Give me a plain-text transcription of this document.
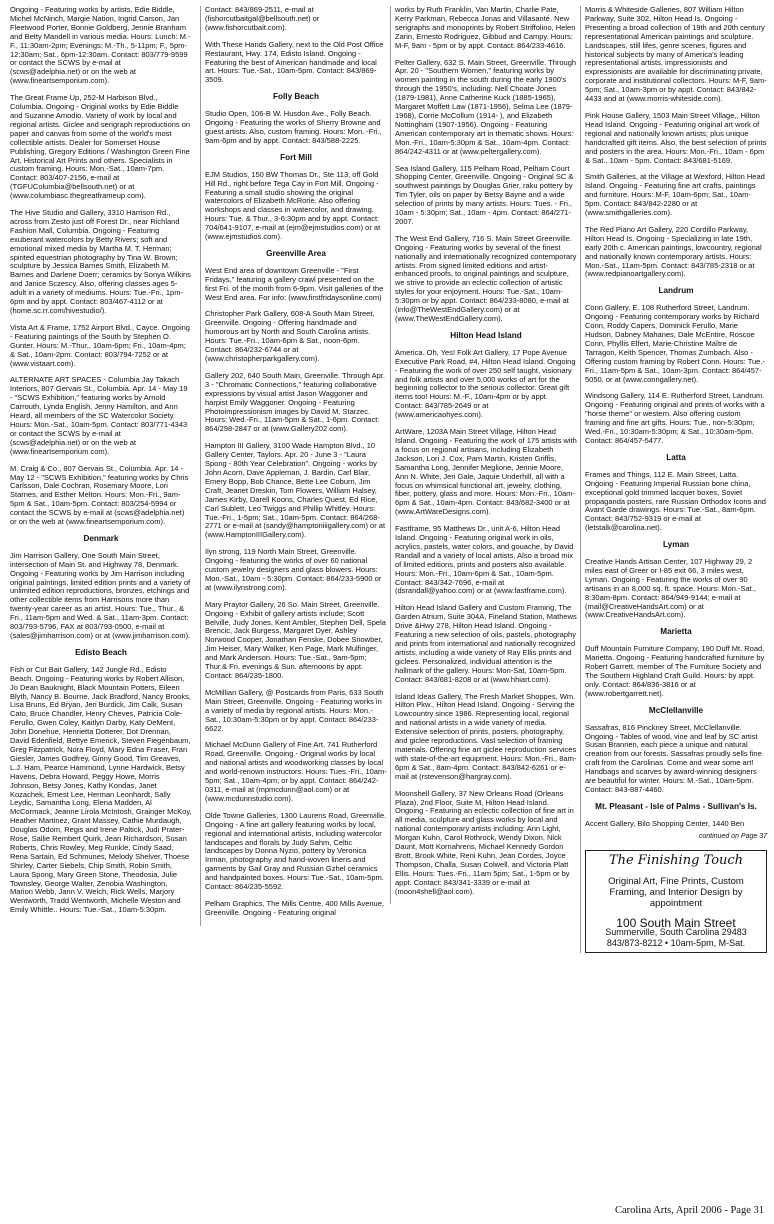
Ongoing - Featuring works by artists, Edie Biddle, Michel McNinch, Margie Nation, Ingrid Carson, Jan Fleetwood Porter, Bonnie Goldberg, Jennie Branham and Betty Mandell in various media. Hours: Lunch: M.-F., 11:30am-2pm; Evenings: M.-Th., 5-11pm; F., 5pm-12:30am; Sat., 6pm-12:30am. Contact: 803/779-9599 or contact the SCWS by e-mail at (scws@adelphia.net) or on the web at (www.fineartsemporium.com).
The Great Frame Up, 252-M Harbison Blvd., Columbia. Ongoing - Original works by Edie Biddle and Suzanne Amodio. Variety of work by local and regional artists. Giclee and serigraph reproductions on paper and canvas from some of the world's most collectible artists. Dealer for Somerset House Publishing, Gregory Editions / Washington Green Fine Art, Historical Art Prints and others. Specialists in custom framing. Hours: Mon.-Sat., 10am-7pm. Contact: 803/407-2156, e-mail at (TGFUColumbia@bellsouth.net) or at (www.columbiasc.thegreatframeup.com).
The Hive Studio and Gallery, 3310 Harrison Rd., across from Zesto just off Forest Dr., near Richland Fashion Mall, Columbia. Ongoing - Featuring exuberant watercolors by Betty Rivers; soft and emotional mixed media by Martha M. T. Herman; spirited equestrian photography by Tina W. Brown; sculpture by Jessica Barnes Smith, Elizabeth M. Barnes and Darlene Doerr; ceramics by Sonya Wilkins and Janice Sczescy. Also, offering classes ages 5-adult in a variety of mediums. Hours: Tue.-Fri., 1pm-6pm and by appt. Contact: 803/467-4112 or at (home.sc.rr.com/hivestudio/).
Vista Art & Frame, 1752 Airport Blvd., Cayce. Ongoing - Featuring paintings of the South by Stephen O. Gunter. Hours: M.-Thur., 10am-6pm; Fri., 10am-4pm; & Sat., 10am-2pm. Contact: 803/794-7252 or at (www.vistaart.com).
ALTERNATE ART SPACES - Columbia Jay Takach Interiors, 807 Gervais St., Columbia. Apr. 14 - May 19 - "SCWS Exhibition," featuring works by Arnold Carrouth, Lynda English, Jenny Hamilton, and Ann Heard, all members of the SC Watercolor Society. Hours: Mon.-Sat., 10am-5pm. Contact: 803/771-4343 or contact the SCWS by e-mail at (scws@adelphia.net) or on the web at (www.fineartsemporium.com).
M. Craig & Co., 807 Gervais St., Columbia. Apr. 14 - May 12 - "SCWS Exhibition," featuring works by Chris Carlsson, Dale Cochran, Rosemary Moore, Lori Starnes, and Esther Melton. Hours: Mon.-Fri., 9am-5pm & Sat., 10am-5pm. Contact: 803/254-5994 or contact the SCWS by e-mail at (scws@adelphia.net) or on the web at (www.fineartsemporium.com).
Denmark
Jim Harrison Gallery, One South Main Street, intersection of Main St. and Highway 78, Denmark. Ongoing - Featuring works by Jim Harrison including original paintings, limited edition prints and a variety of unlimited edition reproductions, bronzes, etchings and other collectible items from Harrisons more than twenty-year career as an artist. Hours: Tue., Thur., & Fri., 11am-5pm and Wed. & Sat., 11am-3pm. Contact: 803/793-5796, FAX at 803/793-0500, e-mail at (sales@jimharrison.com) or at (www.jimharrison.com).
Edisto Beach
Fish or Cut Bait Gallery, 142 Jungle Rd., Edisto Beach. Ongoing - Featuring works by Robert Allison, Jo Dean Bauknight, Black Mountain Potters, Eileen Blyth, Nancy B. Bourne, Jack Bradford, Nancy Brooks, Lisa Bruns, Ed Bryan, Jeri Burdick, Jim Calk, Susan Cato, Bruce Chandler, Henry Cheves, Patricia Cole-Ferullo, Gwen Coley, Kaitlyn Darby, Katy DeMent, John Donehue, Henrietta Dotterer, Dot Drennan, David Edenfield, Bettye Emerick, Steven Fiegenbaum, Greg Fitzpatrick, Nora Floyd, Mary Edna Fraser, Fran Giesler, James Godfrey, Ginny Good, Tim Greaves, L.J. Ham, Pearce Hammond, Lynne Hardwick, Betsy Havens, Debra Howard, Peggy Howe, Morris Johnson, Betsy Jones, Kathy Kondas, Janet Kozachek, Ernest Lee, Herman Leonhardt, Sally Leydic, Samantha Long, Elena Madden, Al McCormack, Jeanne Lirola McIntosh, Grainger McKoy, Heather Martinez, Grant Massey, Cathie Murdaugh, Douglas Odom, Regis and Irene Paltick, Judi Prater-Rose, Sallie Rembert Quirk, Jean Richardson, Susan Roberts, Chris Rowley, Meg Runkle, Cindy Saad, Rena Sartain, Ed Schmunes, Melody Shelver, Thoese Shirley, Carter Siebels, Chip Smith, Robin Smith, Laura Spong, Mary Green Stone, Theodosia, Julie Townsley, George Walter, Zenobia Washington, Marion Webb, Jann V. Welch, Rick Wells, Marjory Wentworth, Tradd Wentworth, Michelle Weston and Emily Whittle.. Hours: Tue.-Sat., 10am-5:30pm.
Contact: 843/869-2511, e-mail at (fishorcutbaitgal@bellsouth.net) or (www.fishorcutbait.com).
With These Hands Gallery, next to the Old Post Office Restaurant, Hwy. 174, Edisto Island. Ongoing - Featuring the best of American handmade and local art. Hours: Tue.-Sat., 10am-5pm. Contact: 843/869-3509.
Folly Beach
Studio Open, 106-B W. Husdon Ave., Folly Beach. Ongoing - Featuring the works of Sherry Browne and guest artists. Also, custom framing. Hours: Mon. -Fri., 9am-6pm and by appt. Contact: 843/588-2225.
Fort Mill
EJM Studios, 150 BW Thomas Dr., Ste 113, off Gold Hill Rd., right before Tega Cay in Fort Mill. Ongoing - Featuring a small studio showing the original watercolors of Elizabeth McRorie. Also offering workshops and classes in watercolor, and drawing. Hours: Tue. & Thur., 3-6:30pm and by appt. Contact: 704/641-9107, e-mail at (ejm@ejmstudios.com) or at (www.ejmstudios.com).
Greenville Area
West End area of downtown Greenville - "First Fridays," featuring a gallery crawl presented on the first Fri. of the month from 6-9pm. Visit galleries of the West End area. For info: (www.firstfridaysonline.com)
Christopher Park Gallery, 608-A South Main Street, Greenville. Ongoing - Offering handmade and humorous art by North and South Carolina artists. Hours: Tue.-Fri., 10am-6pm & Sat., noon-6pm. Contact: 864/232-6744 or at (www.christopherparkgallery.com).
Gallery 202, 640 South Main, Greenville. Through Apr. 3 - "Chromatic Connections," featuring collaborative expressions by visual artist Jason Waggoner and harpist Emily Waggoner. Ongoing - Featuring Photoimpressionism images by David M. Starzec. Hours: Wed.-Fri., 11am-5pm & Sat., 1-6pm. Contact: 864/298-2847 or at (www.Gallery202.com).
Hampton III Gallery, 3100 Wade Hampton Blvd., 10 Gallery Center, Taylors. Apr. 20 - June 3 - "Laura Spong - 80th Year Celebration". Ongoing - works by John Acorn, Dave Appleman, J. Bardin, Carl Blair, Emery Bopp, Bob Chance, Bette Lee Coburn, Jim Craft, Jeanet Dreskin, Tom Flowers, William Halsey, James Kirby, Darell Koons, Charles Quest, Ed Rice, Carl Sublett, Leo Twiggs and Phillip Whitley. Hours: Tue.-Fri., 1-5pm; Sat., 10am-5pm. Contact: 864/268-2771 or e-mail at (sandy@hamptoniiigallery.com) or at (www.HamptonIIIGallery.com).
Ilyn strong, 119 North Main Street, Greenville. Ongoing - featuring the works of over 60 national custom jewelry designers and glass blowers. Hours: Mon.-Sat., 10am - 5:30pm. Contact: 864/233-5900 or at (www.ilynstrong.com).
Mary Praytor Gallery, 26 So. Main Street, Greenville. Ongoing - Exhibit of gallery artists include; Scott Belville, Judy Jones, Kent Ambler, Stephen Dell, Spela Brencic, Jack Burgess, Margaret Dyer, Ashley Norwood Cooper, Jonathan Fenske, Dobee Snowber, Jim Heiser, Mary Walker, Ken Page, Mark Mulfinger, and Mark Anderson. Hours: Tue.-Sat., 9am-5pm; Thur.& Fri. evenings & Sun. afternoons by appt. Contact: 864/235-1800.
McMillian Gallery, @ Postcards from Paris, 633 South Main Street, Greenville. Ongoing - Featuring works in a variety of media by regional artists. Hours: Mon.-Sat., 10:30am-5:30pm or by appt. Contact: 864/233-6622.
Michael McDunn Gallery of Fine Art, 741 Rutherford Road, Greenville. Ongoing - Original works by local and national artists and woodworking classes by local and world-renown instructors. Hours: Tues.-Fri., 10am-5pm; Sat., 10am-4pm; or by appt. Contact: 864/242-0311, e-mail at (mpmcdunn@aol.com) or at (www.mcdunnstudio.com).
Olde Towne Galleries, 1300 Laurens Road, Greenville. Ongoing - A fine art gallery featuring works by local, regional and international artists, including watercolor landscapes and florals by Judy Sahm, Celtic landscapes by Donna Nyzio, pottery by Veronica Inman, photography and hand-woven linens and garments by Gail Gray and Russian Gzhel ceramics and handpainted boxes. Hours: Tue.-Sat., 10am-5pm. Contact: 864/235-5592.
Pelham Graphics, The Mills Centre, 400 Mills Avenue, Greenville. Ongoing - Featuring original
works by Ruth Franklin, Van Martin, Charlie Pate, Kerry Parkman, Rebecca Jonas and Villasanté. New serigraphs and monoprints by Robert Striffolino, Helen Zarin, Ernesto Rodriguez, Gibbud and Campy. Hours: M-F, 9am - 5pm or by appt. Contact: 864/233-4616.
Pelter Gallery, 632 S. Main Street, Greenville. Through Apr. 20 - "Southern Women," featuring works by women painting in the south during the early 1900's through the 1950's, including: Nell Choate Jones (1879-1981), Anne Catherine Kuck (1885-1965), Margaret Moffett Law (1871-1956), Selma Lee (1879-1968), Corrie McCollum (1914- ), and Elizabeth Nottingham (1907-1956). Ongoing - Featuring American contemporary art in thematic shows. Hours: Mon.-Fri., 10am-5:30pm & Sat., 10am-4pm. Contact: 864/242-4311 or at (www.peltergallery.com).
Sea Island Gallery, 115 Pelham Road, Pelham Court Shopping Center, Greenville. Ongoing - Original SC & southwest paintings by Douglas Grier, raku pottery by Tim Tyler, oils on paper by Betsy Bayne and a wide selection of prints by many artists. Hours: Tues. - Fri., 10am - 5:30pm; Sat., 10am - 4pm. Contact: 864/271-2007.
The West End Gallery, 716 S. Main Street Greenville. Ongoing - Featuring works by several of the finest nationally and internationally recognized contemporary artists. From signed limited editions and artist-enhanced proofs, to original paintings and sculpture, we strive to provide an eclectic collection of artistic styles for your enjoyment. Hours: Tue.-Sat., 10am-5:30pm or by appt. Contact: 864/233-8080, e-mail at (info@TheWestEndGallery.com) or at (www.TheWestEndGallery.com).
Hilton Head Island
America. Oh, Yes! Folk Art Gallery, 17 Pope Avenue Executive Park Road, #4, Hilton Head Island. Ongoing - Featuring the work of over 250 self taught, visionary and folk artists and over 5,000 works of art for the beginning collector to the serious collector. Great gift items too! Hours: M.-F., 10am-4pm or by appt. Contact: 843/785-2649 or at (www.americaohyes.com).
ArtWare, 1203A Main Street Village, Hilton Head Island. Ongoing - Featuring the work of 175 artists with a focus on regional artisans, including Elizabeth Jackson, Lori J. Cox, Pam Martin, Kristen Griffis, Samantha Long, Jennifer Meglione, Jennie Moore, Ann N. White, Jeri Gale, Jaquie Underhill, all with a focus on whimsical functional art, jewelry, clothing, fiber, pottery, glass and more. Hours: Mon.-Fri., 10am-6pm & Sat., 10am-4pm. Contact: 843/682-3400 or at (www.ArtWareDesigns.com).
Fastframe, 95 Matthews Dr., unit A-6, Hilton Head Island. Ongoing - Featuring original work in oils, acrylics, pastels, water colors, and gouache, by David Randall and a variety of local artists. Also a broad mix of limited editions, prints and posters also available. Hours: Mon.-Fri., 10am-6pm & Sat., 10am-5pm. Contact: 843/342-7696, e-mail at (dsrandall@yahoo.com) or at (www.fastframe.com).
Hilton Head Island Gallery and Custom Framing, The Garden Atrium, Suite 304A, Fineland Station, Mathews Drive &Hwy 278, Hilton Head Island. Ongoing - Featuring a new selection of oils, pastels, photography and prints from international and nationally recognized artists, including a wide variety of Ray Ellis prints and giclees. Personalized, individual attention is the hallmark of the gallery. Hours: Mon-Sat, 10am-5pm. Contact: 843/681-8208 or at (www.hhiart.com).
Island Ideas Gallery, The Fresh Market Shoppes, Wm. Hilton Pkw., Hilton Head Island. Ongoing - Serving the Lowcountry since 1986. Representing local, regional and national artists in a wide variety of media. Extensive selection of prints, posters, photography, and giclee reproductions. Vast selection of framing materials. Offering fine art giclee reproduction services with state-of-the-art equipment. Hours: Mon.-Fri., 8am-6pm & Sat., 8am-4pm. Contact: 843/842-6261 or e-mail at (rstevenson@hargray.com).
Moonshell Gallery, 37 New Orleans Road (Orleans Plaza), 2nd Floor, Suite M, Hilton Head Island. Ongoing - Featuring an eclectic collection of fine art in all media, sculpture and glass works by local and national contemporary artists including: Ann Light, Morgan Kuhn, Carol Rothrock, Wendy Dixon, Nick Daunt, Mott Kornahrens, Michael Kennedy Gordon Brott, Brook White, Reni Kuhn, Jean Cordes, Joyce Thompson, Challa, Susan Colwell, and Victoria Platt Ellis. Hours: Tues.-Fri., 11am 5pm; Sat., 1-5pm or by appt. Contact: 843/341-3339 or e-mail at (moon4shell@aol.com).
Morris & Whiteside Galleries, 807 William Hilton Parkway, Suite 302, Hilton Head Is. Ongoing - Presenting a broad collection of 19th and 20th century representational American paintings and sculpture. Landscapes, still lifes, genre scenes, figures and historical subjects by many of America's leading representational artists, impressionists and expressionists are available for discriminating private, corporate and institutional collectors. Hours: M-F, 9am-5pm; Sat., 10am-3pm or by appt. Contact: 843/842-4433 and at (www.morris-whiteside.com).
Pink House Gallery, 1503 Main Street Village,, Hilton Head Island. Ongoing - Featuring original art work of regional and nationally known artists; plus unique handcrafted gift items. Also, the best selection of prints and posters in the area. Hours: Mon.-Fri., 10am - 6pm & Sat., 10am - 5pm. Contact: 843/681-5169.
Smith Galleries, at the Village at Wexford, Hilton Head Island. Ongoing - Featuring fine art crafts, paintings and furniture. Hours: M-F, 10am-6pm; Sat., 10am-5pm. Contact: 843/842-2280 or at (www.smithgalleries.com).
The Red Piano Art Gallery, 220 Cordillo Parkway, Hilton Head Is. Ongoing - Specializing in late 19th, early 20th c. American paintings, lowcountry, regional and nationally known contemporary artists. Hours: Mon.-Sat., 11am-5pm. Contact: 843/785-2318 or at (www.redpianoartgallery.com).
Landrum
Conn Gallery, E. 108 Rutherford Street, Landrum. Ongoing - Featuring contemporary works by Richard Conn, Roddy Capers, Dominick Ferullo, Marie Hudson, Dabney Mahanes, Dale McEntire, Roscoe Conn, Phyllis Elfert, Marie-Christine Maître de Tarragon, Keith Spencer, Thomas Zumbach. Also - Offering custom framing by Robert Conn. Hours: Tue.-Fri., 11am-5pm & Sat., 10am-3pm. Contact: 864/457-5050. or at (www.conngallery.net).
Windsong Gallery, 114 E. Rutherford Street, Landrum. Ongoing - Featuring original and prints of works with a "horse theme" or western. Also offering custom framing and fine art gifts. Hours: Tue., non-5:30pm; Wed.-Fri., 10:30am-5:30pm; & Sat., 10:30am-5pm. Contact: 864/457-5477.
Latta
Frames and Things, 112 E. Main Street, Latta. Ongoing - Featuring Imperial Russian bone china, exceptional gold trimmed lacquer boxes, Soviet propaganda posters, rare Russian Orthodox Icons and Avant Garde drawings. Hours: Tue.-Sat., 8am-6pm. Contact: 843/752-9319 or e-mail at (letstalk@carolina.net).
Lyman
Creative Hands Artisan Center, 107 Highway 29, 2 miles east of Greer or I-85 exit 66, 3 miles west, Lyman. Ongoing - Featuring the works of over 90 artisans in an 8,000 sq. ft. space. Hours: Mon.-Sat., 8:30am-8pm. Contact: 864/949-9144; e-mail at (mail@CreativeHandsArt.com) or at (www.CreativeHandsArt.com).
Marietta
Duff Mountain Furniture Company, 190 Duff Mt. Road, Marietta. Ongoing - Featuring handcrafted furniture by Robert Garrett, member of The Furniture Society and The Southern Highland Craft Guild. Hours: by appt. only. Contact: 864/836-3816 or at (www.robertgarrett.net).
McClellanville
Sassafras, 816 Pinckney Street, McClellanville. Ongoing - Tables of wood, vine and leaf by SC artist Susan Brannen, each piece a unique and natural creation from our forests. Sassafras proudly sells fine craft from the Carolinas. Come and wear some art! Handbags and scarves by award-winning designers are beautiful for winter. Hours: M.-Sat., 10am-5pm. Contact: 843-887-4460.
Mt. Pleasant - Isle of Palms - Sullivan's Is.
Accent Gallery, Bilo Shopping Center, 1440 Ben
continued on Page 37
The Finishing Touch
Original Art, Fine Prints, Custom Framing, and Interior Design by appointment
100 South Main Street
Summerville, South Carolina 29483
843/873-8212 • 10am-5pm, M-Sat.
Carolina Arts, April 2006 - Page 31
